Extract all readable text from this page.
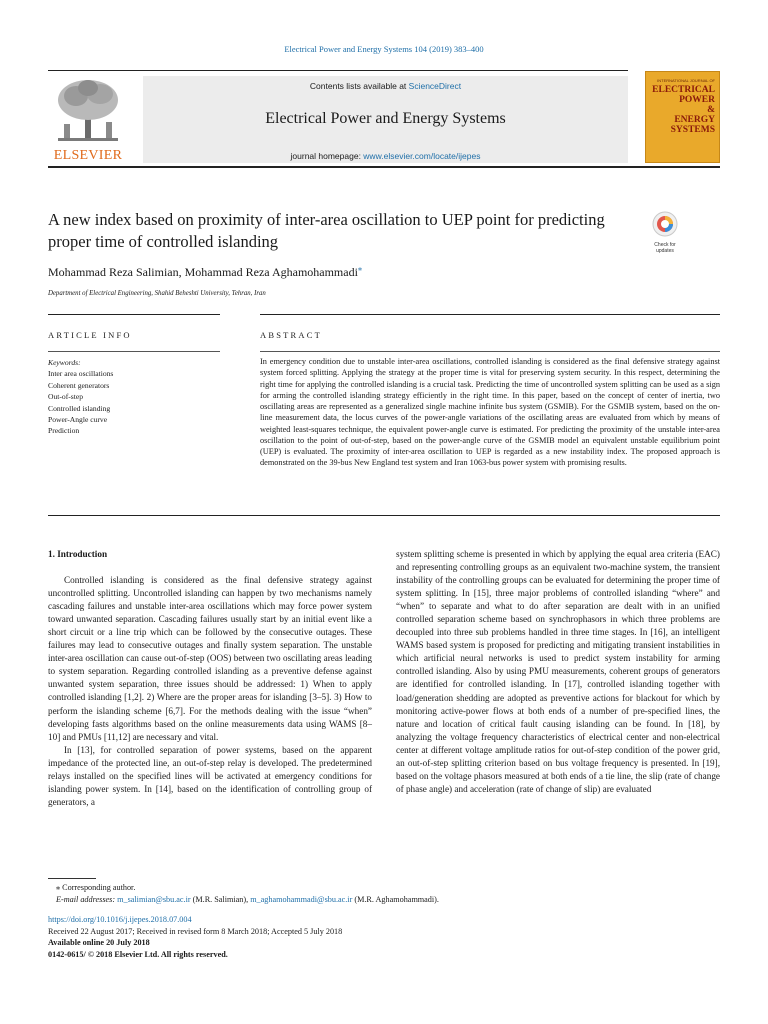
Electrical Power and Energy Systems 104 (2019) 383–400
ELSEVIER
Contents lists available at ScienceDirect
Electrical Power and Energy Systems
journal homepage: www.elsevier.com/locate/ijepes
INTERNATIONAL JOURNAL OF
ELECTRICAL
POWER
&
ENERGY
SYSTEMS
A new index based on proximity of inter-area oscillation to UEP point for predicting proper time of controlled islanding	Check for updates
Mohammad Reza Salimian, Mohammad Reza Aghamohammadi⁎
Department of Electrical Engineering, Shahid Beheshti University, Tehran, Iran
ARTICLE INFO	ABSTRACT
Keywords:
Inter area oscillations
Coherent generators
Out-of-step
Controlled islanding
Power-Angle curve
Prediction
In emergency condition due to unstable inter-area oscillations, controlled islanding is considered as the final defensive strategy against system forced splitting. Applying the strategy at the proper time is vital for preserving system security. In this respect, determining the right time for applying the controlled islanding is a crucial task. Predicting the time of uncontrolled system splitting can be used as a sign for arming the controlled islanding strategy efficiently in the right time. In this paper, based on the concept of center of inertia, two oscillating areas are represented as a generalized single machine infinite bus system (GSMIB). For the GSMIB system, based on the on-line measurement data, the locus curves of the power-angle variations of the oscillating areas are evaluated from which by means of weighted least-squares technique, the equivalent power-angle curve is estimated. For predicting the proximity of the unstable inter-area oscillation to the point of out-of-step, based on the power-angle curve of the GSMIB model an equivalent unstable equilibrium point (UEP) is evaluated. The proximity of inter-area oscillation to UEP is regarded as a new instability index. The proposed approach is demonstrated on the 39-bus New England test system and Iran 1063-bus power system with promising results.
1. Introduction

Controlled islanding is considered as the final defensive strategy against uncontrolled splitting. Uncontrolled islanding can happen by two mechanisms namely cascading failures and unstable inter-area oscillations which may force power system toward unwanted separation. Cascading failures usually start by an initial event like a short circuit or a line trip which can be followed by the consecutive outages. These failures may lead to consecutive outages and finally system separation. The unstable inter-area oscillation can cause out-of-step (OOS) between two oscillating areas leading to system separation. Regarding controlled islanding as a preventive defense against unwanted system separation, three issues should be addressed: 1) When to apply controlled islanding [1,2]. 2) Where are the proper areas for islanding [3–5]. 3) How to perform the islanding scheme [6,7]. For the methods dealing with the issue “when” developing fasts algorithms based on the online measurements data using WAMS [8–10] and PMUs [11,12] are necessary and vital.

In [13], for controlled separation of power systems, based on the apparent impedance of the protected line, an out-of-step relay is developed. The predetermined relays installed on the specified lines will be activated at emergency conditions for islanding power system. In [14], based on the identification of controlling group of generators, a

system splitting scheme is presented in which by applying the equal area criteria (EAC) and representing controlling groups as an equivalent two-machine system, the transient instability of the controlling groups can be evaluated for determining the proper time of system splitting. In [15], three major problems of controlled islanding “where” and “when” to separate and what to do after separation are dealt with in an unified controlled separation scheme based on synchrophasors in which three problems are decoupled into three sub problems handled in three time stages. In [16], an intelligent WAMS based system is proposed for predicting and mitigating transient instabilities in which artificial neural networks is used to predict system instability for arming controlled islanding. Also by using PMU measurements, coherent groups of generators are identified for controlled islanding. In [17], controlled islanding together with load/generation shedding are adopted as preventive actions for blackout for which by monitoring active-power flows at both ends of a number of pre-specified lines, the nature and location of critical fault causing islanding can be found. In [18], by analyzing the voltage frequency characteristics of electrical center and non-electrical center at different voltage amplitude ratios for out-of-step condition of the power grid, an out-of-step splitting criterion based on bus voltage frequency is presented. In [19], based on the voltage phasors measured at both ends of a tie line, the slip (rate of change of phase angle) and acceleration (rate of change of slip) are evaluated

⁎ Corresponding author.
E-mail addresses: m_salimian@sbu.ac.ir (M.R. Salimian), m_aghamohammadi@sbu.ac.ir (M.R. Aghamohammadi).
https://doi.org/10.1016/j.ijepes.2018.07.004
Received 22 August 2017; Received in revised form 8 March 2018; Accepted 5 July 2018
Available online 20 July 2018
0142-0615/ © 2018 Elsevier Ltd. All rights reserved.
